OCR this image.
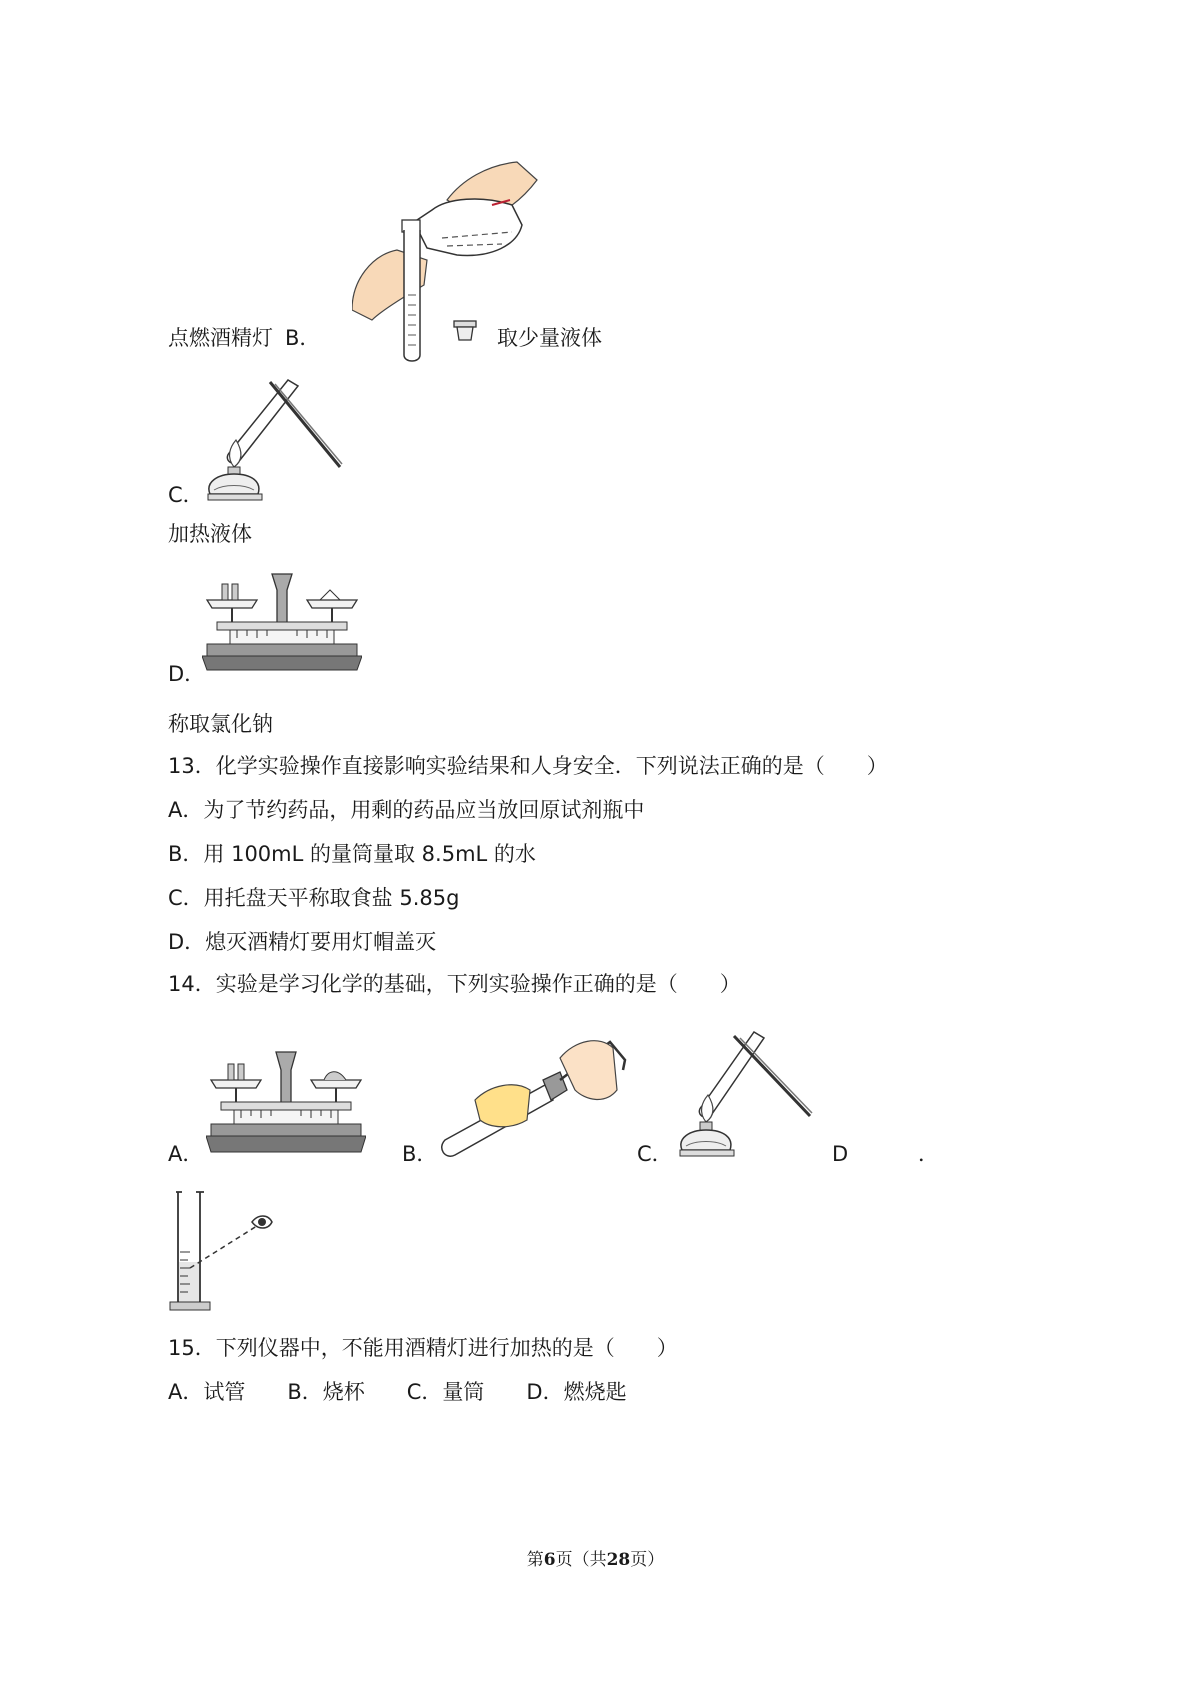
点燃酒精灯 B．	取少量液体
C．
加热液体
D．
称取氯化钠
13．化学实验操作直接影响实验结果和人身安全．下列说法正确的是（　　）
A．为了节约药品，用剩的药品应当放回原试剂瓶中
B．用 100mL 的量筒量取 8.5mL 的水
C．用托盘天平称取食盐 5.85g
D．熄灭酒精灯要用灯帽盖灭
14．实验是学习化学的基础，下列实验操作正确的是（　　）
A．	B．	C．	D	．
15．下列仪器中，不能用酒精灯进行加热的是（　　）
A．试管　　B．烧杯　　C．量筒　　D．燃烧匙
第6页（共28页）
